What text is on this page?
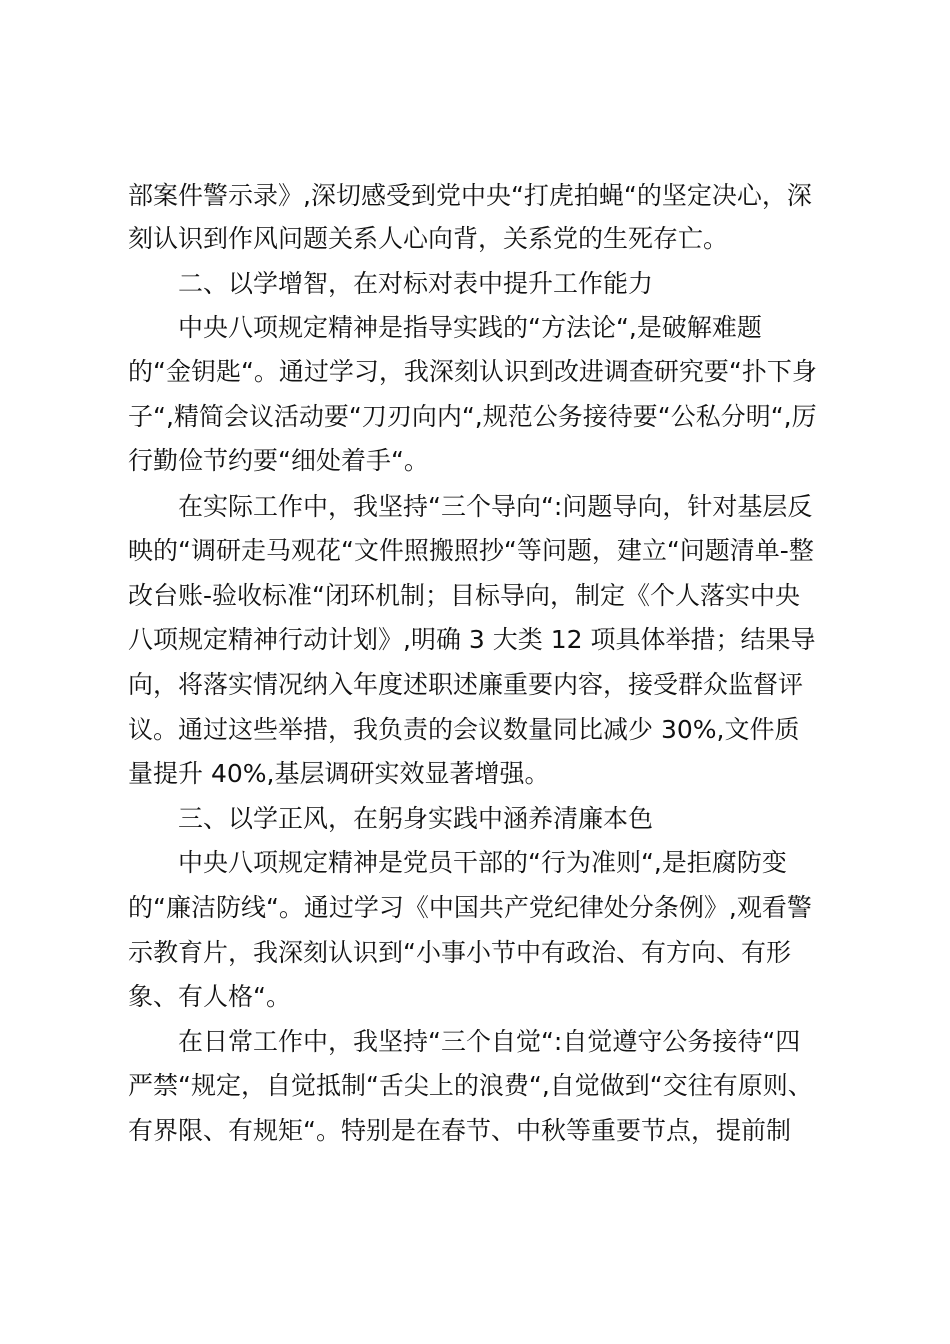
部案件警示录》,深切感受到党中央“打虎拍蝇“的坚定决心，深
刻认识到作风问题关系人心向背，关系党的生死存亡。
二、以学增智，在对标对表中提升工作能力
中央八项规定精神是指导实践的“方法论“,是破解难题
的“金钥匙“。通过学习，我深刻认识到改进调查研究要“扑下身
子“,精简会议活动要“刀刃向内“,规范公务接待要“公私分明“,厉
行勤俭节约要“细处着手“。
在实际工作中，我坚持“三个导向“:问题导向，针对基层反
映的“调研走马观花“文件照搬照抄“等问题，建立“问题清单-整
改台账-验收标准“闭环机制；目标导向，制定《个人落实中央
八项规定精神行动计划》,明确 3 大类 12 项具体举措；结果导
向，将落实情况纳入年度述职述廉重要内容，接受群众监督评
议。通过这些举措，我负责的会议数量同比减少 30%,文件质
量提升 40%,基层调研实效显著增强。
三、以学正风，在躬身实践中涵养清廉本色
中央八项规定精神是党员干部的“行为准则“,是拒腐防变
的“廉洁防线“。通过学习《中国共产党纪律处分条例》,观看警
示教育片，我深刻认识到“小事小节中有政治、有方向、有形
象、有人格“。
在日常工作中，我坚持“三个自觉“:自觉遵守公务接待“四
严禁“规定，自觉抵制“舌尖上的浪费“,自觉做到“交往有原则、
有界限、有规矩“。特别是在春节、中秋等重要节点，提前制
